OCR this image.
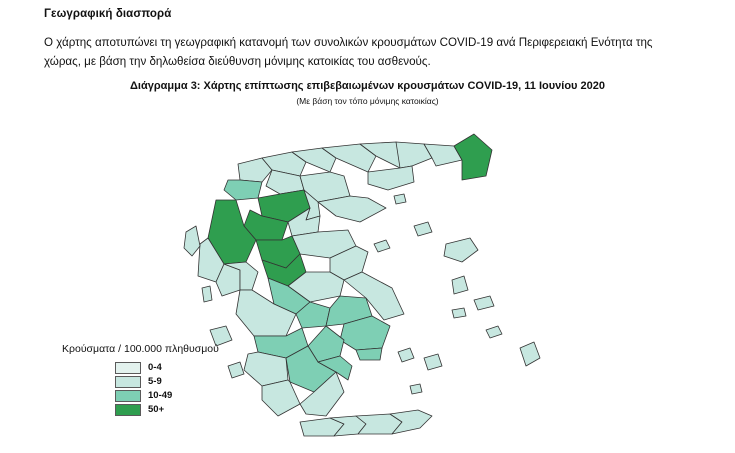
Γεωγραφική διασπορά
Ο χάρτης αποτυπώνει τη γεωγραφική κατανομή των συνολικών κρουσμάτων COVID-19 ανά Περιφερειακή Ενότητα της χώρας, με βάση την δηλωθείσα διεύθυνση μόνιμης κατοικίας του ασθενούς.
Διάγραμμα 3: Χάρτης επίπτωσης επιβεβαιωμένων κρουσμάτων COVID-19, 11 Ιουνίου 2020
(Με βάση τον τόπο μόνιμης κατοικίας)
Κρούσματα / 100.000 πληθυσμού
0-4
5-9
10-49
50+
